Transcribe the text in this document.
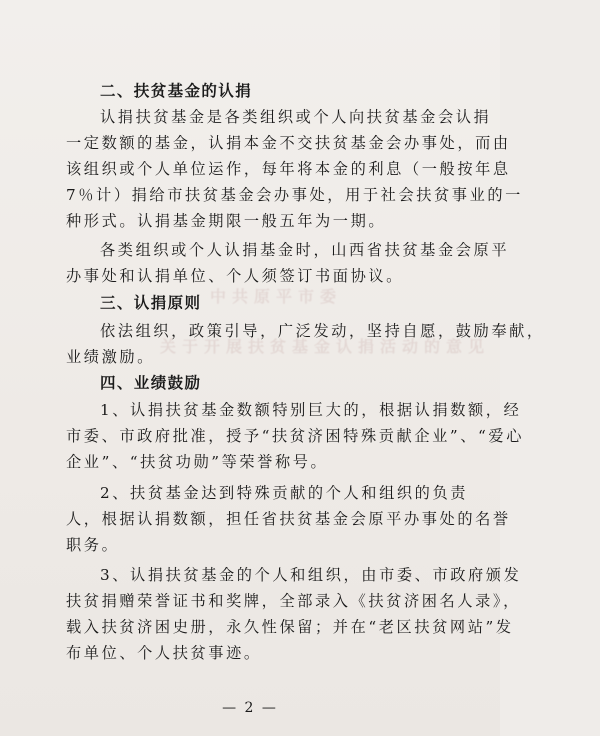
中共原平市委
关于开展扶贫基金认捐活动的意见
二、扶贫基金的认捐
认捐扶贫基金是各类组织或个人向扶贫基金会认捐
一定数额的基金，认捐本金不交扶贫基金会办事处，而由
该组织或个人单位运作，每年将本金的利息（一般按年息
7％计）捐给市扶贫基金会办事处，用于社会扶贫事业的一
种形式。认捐基金期限一般五年为一期。
各类组织或个人认捐基金时，山西省扶贫基金会原平
办事处和认捐单位、个人须签订书面协议。
三、认捐原则
依法组织，政策引导，广泛发动，坚持自愿，鼓励奉献，
业绩激励。
四、业绩鼓励
1、认捐扶贫基金数额特别巨大的，根据认捐数额，经
市委、市政府批准，授予“扶贫济困特殊贡献企业”、“爱心
企业”、“扶贫功勋”等荣誉称号。
2、扶贫基金达到特殊贡献的个人和组织的负责
人，根据认捐数额，担任省扶贫基金会原平办事处的名誉
职务。
3、认捐扶贫基金的个人和组织，由市委、市政府颁发
扶贫捐赠荣誉证书和奖牌，全部录入《扶贫济困名人录》，
载入扶贫济困史册，永久性保留；并在“老区扶贫网站”发
布单位、个人扶贫事迹。
— 2 —
